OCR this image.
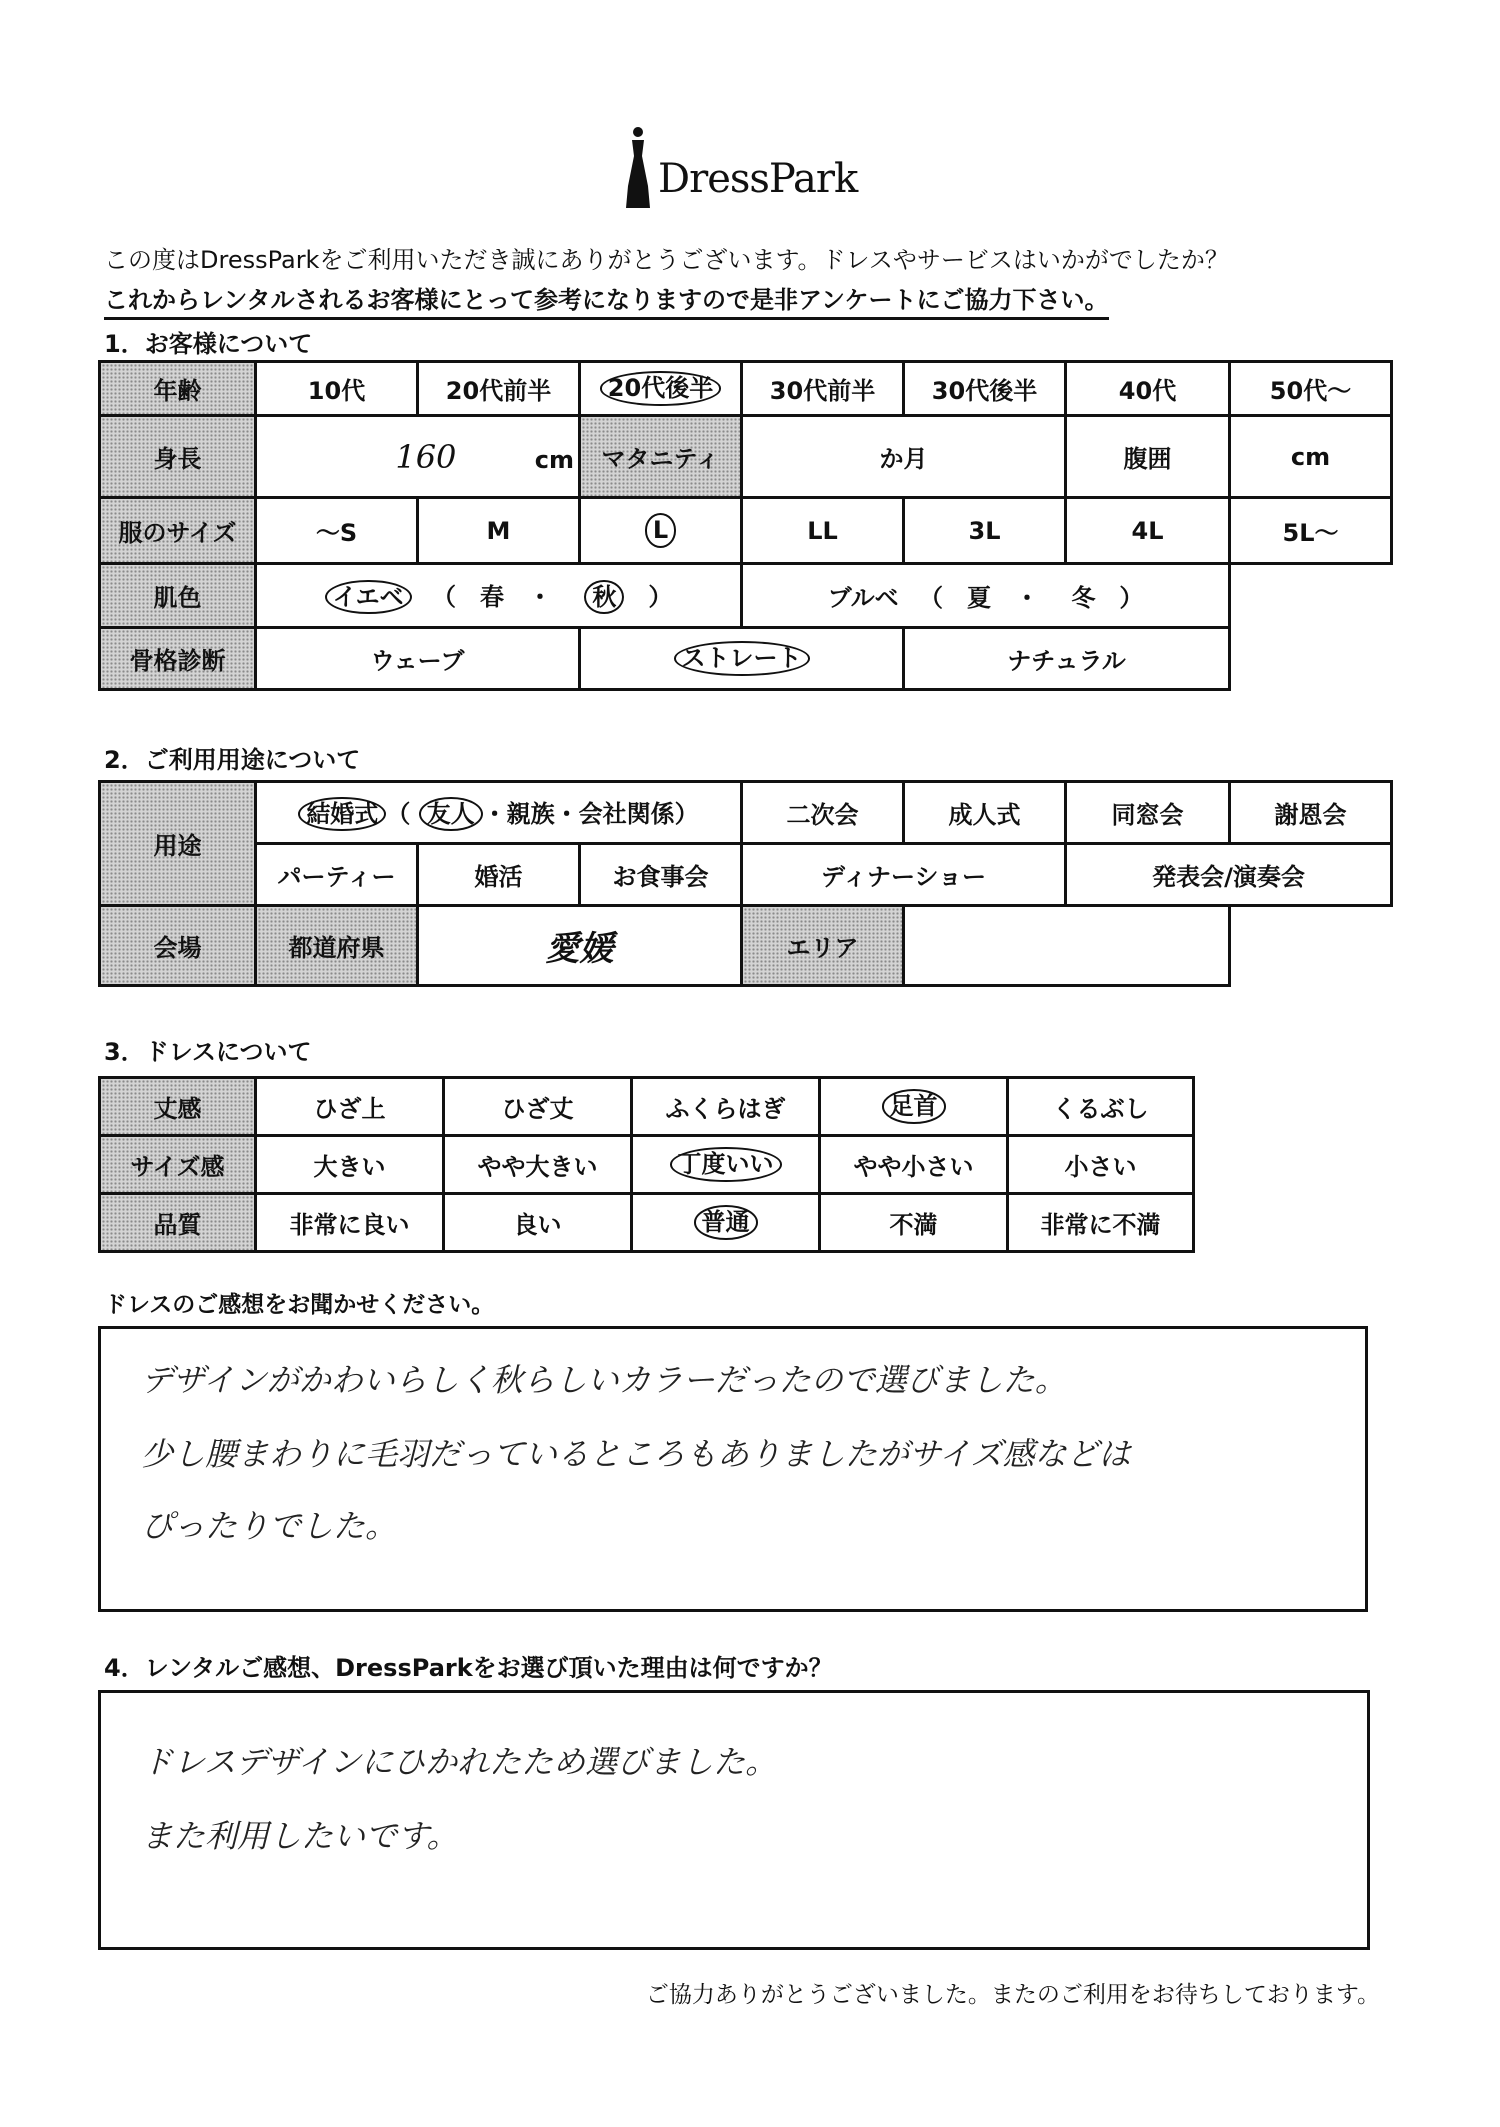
DressPark
この度はDressParkをご利用いただき誠にありがとうございます。ドレスやサービスはいかがでしたか？
これからレンタルされるお客様にとって参考になりますので是非アンケートにご協力下さい。
1．お客様について
年齢	10代	20代前半	20代後半	30代前半	30代後半	40代	50代～
身長	160 cm		マタニティ	か月		腹囲	cm
服のサイズ	～S	M	L	LL	3L	4L	5L～
肌色	イエベ 　（　春　・　 秋　）			ブルベ 　（　夏　・　 冬　）			
骨格診断	ウェーブ		ストレート		ナチュラル		
2．ご利用用途について
用途	結婚式 （ 友人 ・親族・会社関係）			二次会	成人式	同窓会	謝恩会
	パーティー	婚活	お食事会	ディナーショー		発表会/演奏会	
会場	都道府県	愛媛		エリア			
3．ドレスについて
丈感	ひざ上	ひざ丈	ふくらはぎ	足首	くるぶし
サイズ感	大きい	やや大きい	丁度いい	やや小さい	小さい
品質	非常に良い	良い	普通	不満	非常に不満
ドレスのご感想をお聞かせください。
デザインがかわいらしく秋らしいカラーだったので選びました。
少し腰まわりに毛羽だっているところもありましたがサイズ感などは
ぴったりでした。
4．レンタルご感想、DressParkをお選び頂いた理由は何ですか？
ドレスデザインにひかれたため選びました。
また利用したいです。
ご協力ありがとうございました。またのご利用をお待ちしております。
